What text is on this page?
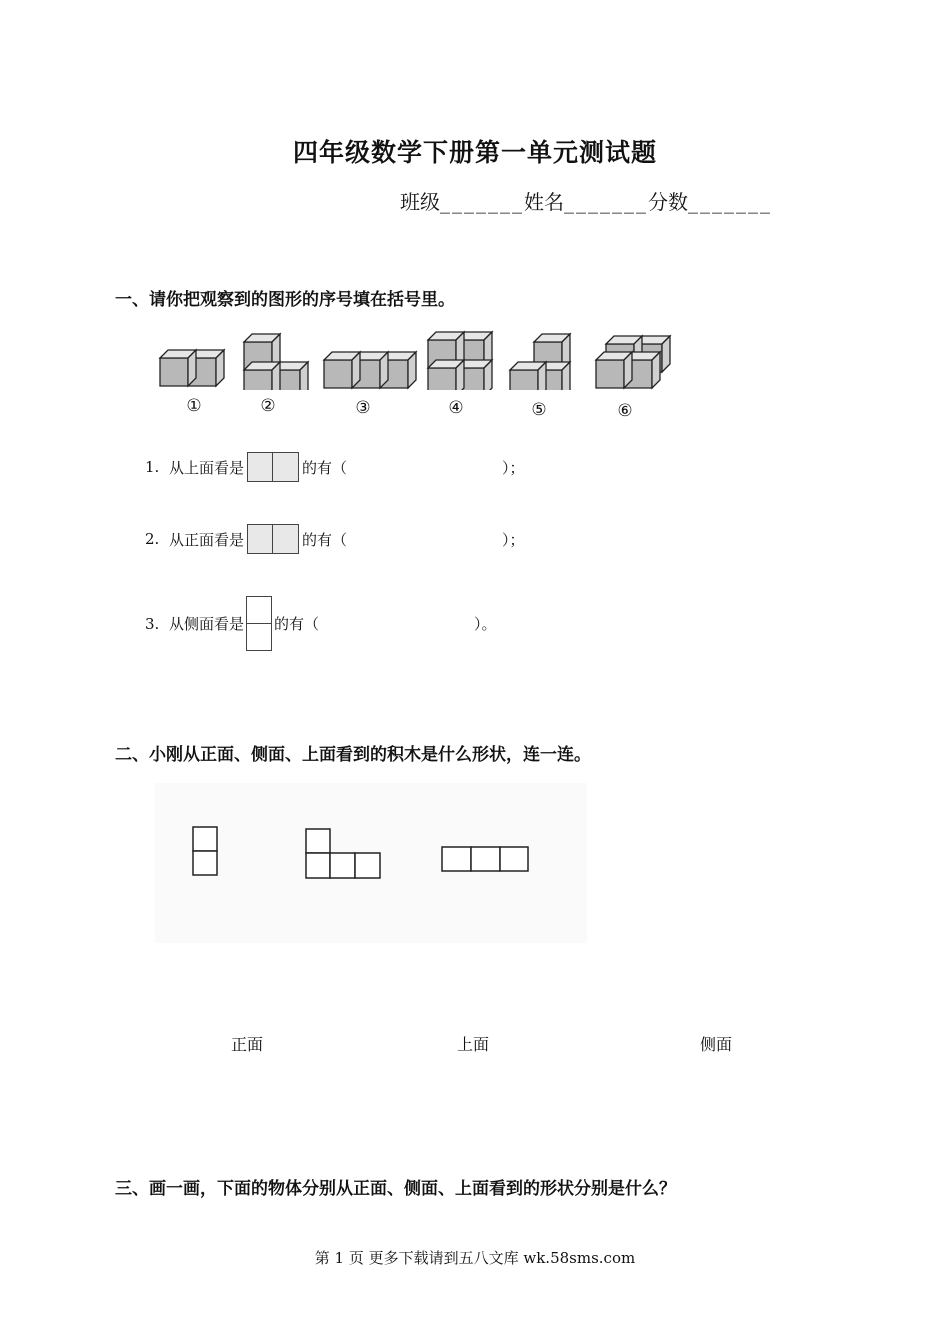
四年级数学下册第一单元测试题
班级_______姓名_______分数_______
一、请你把观察到的图形的序号填在括号里。
①	②	③	④	⑤	⑥
1. 从上面看是	的有（	）；
2. 从正面看是	的有（	）；
3. 从侧面看是 的有（	）。
二、小刚从正面、侧面、上面看到的积木是什么形状，连一连。
正面	上面	侧面
三、画一画，下面的物体分别从正面、侧面、上面看到的形状分别是什么？
第 1 页 更多下载请到五八文库 wk.58sms.com
